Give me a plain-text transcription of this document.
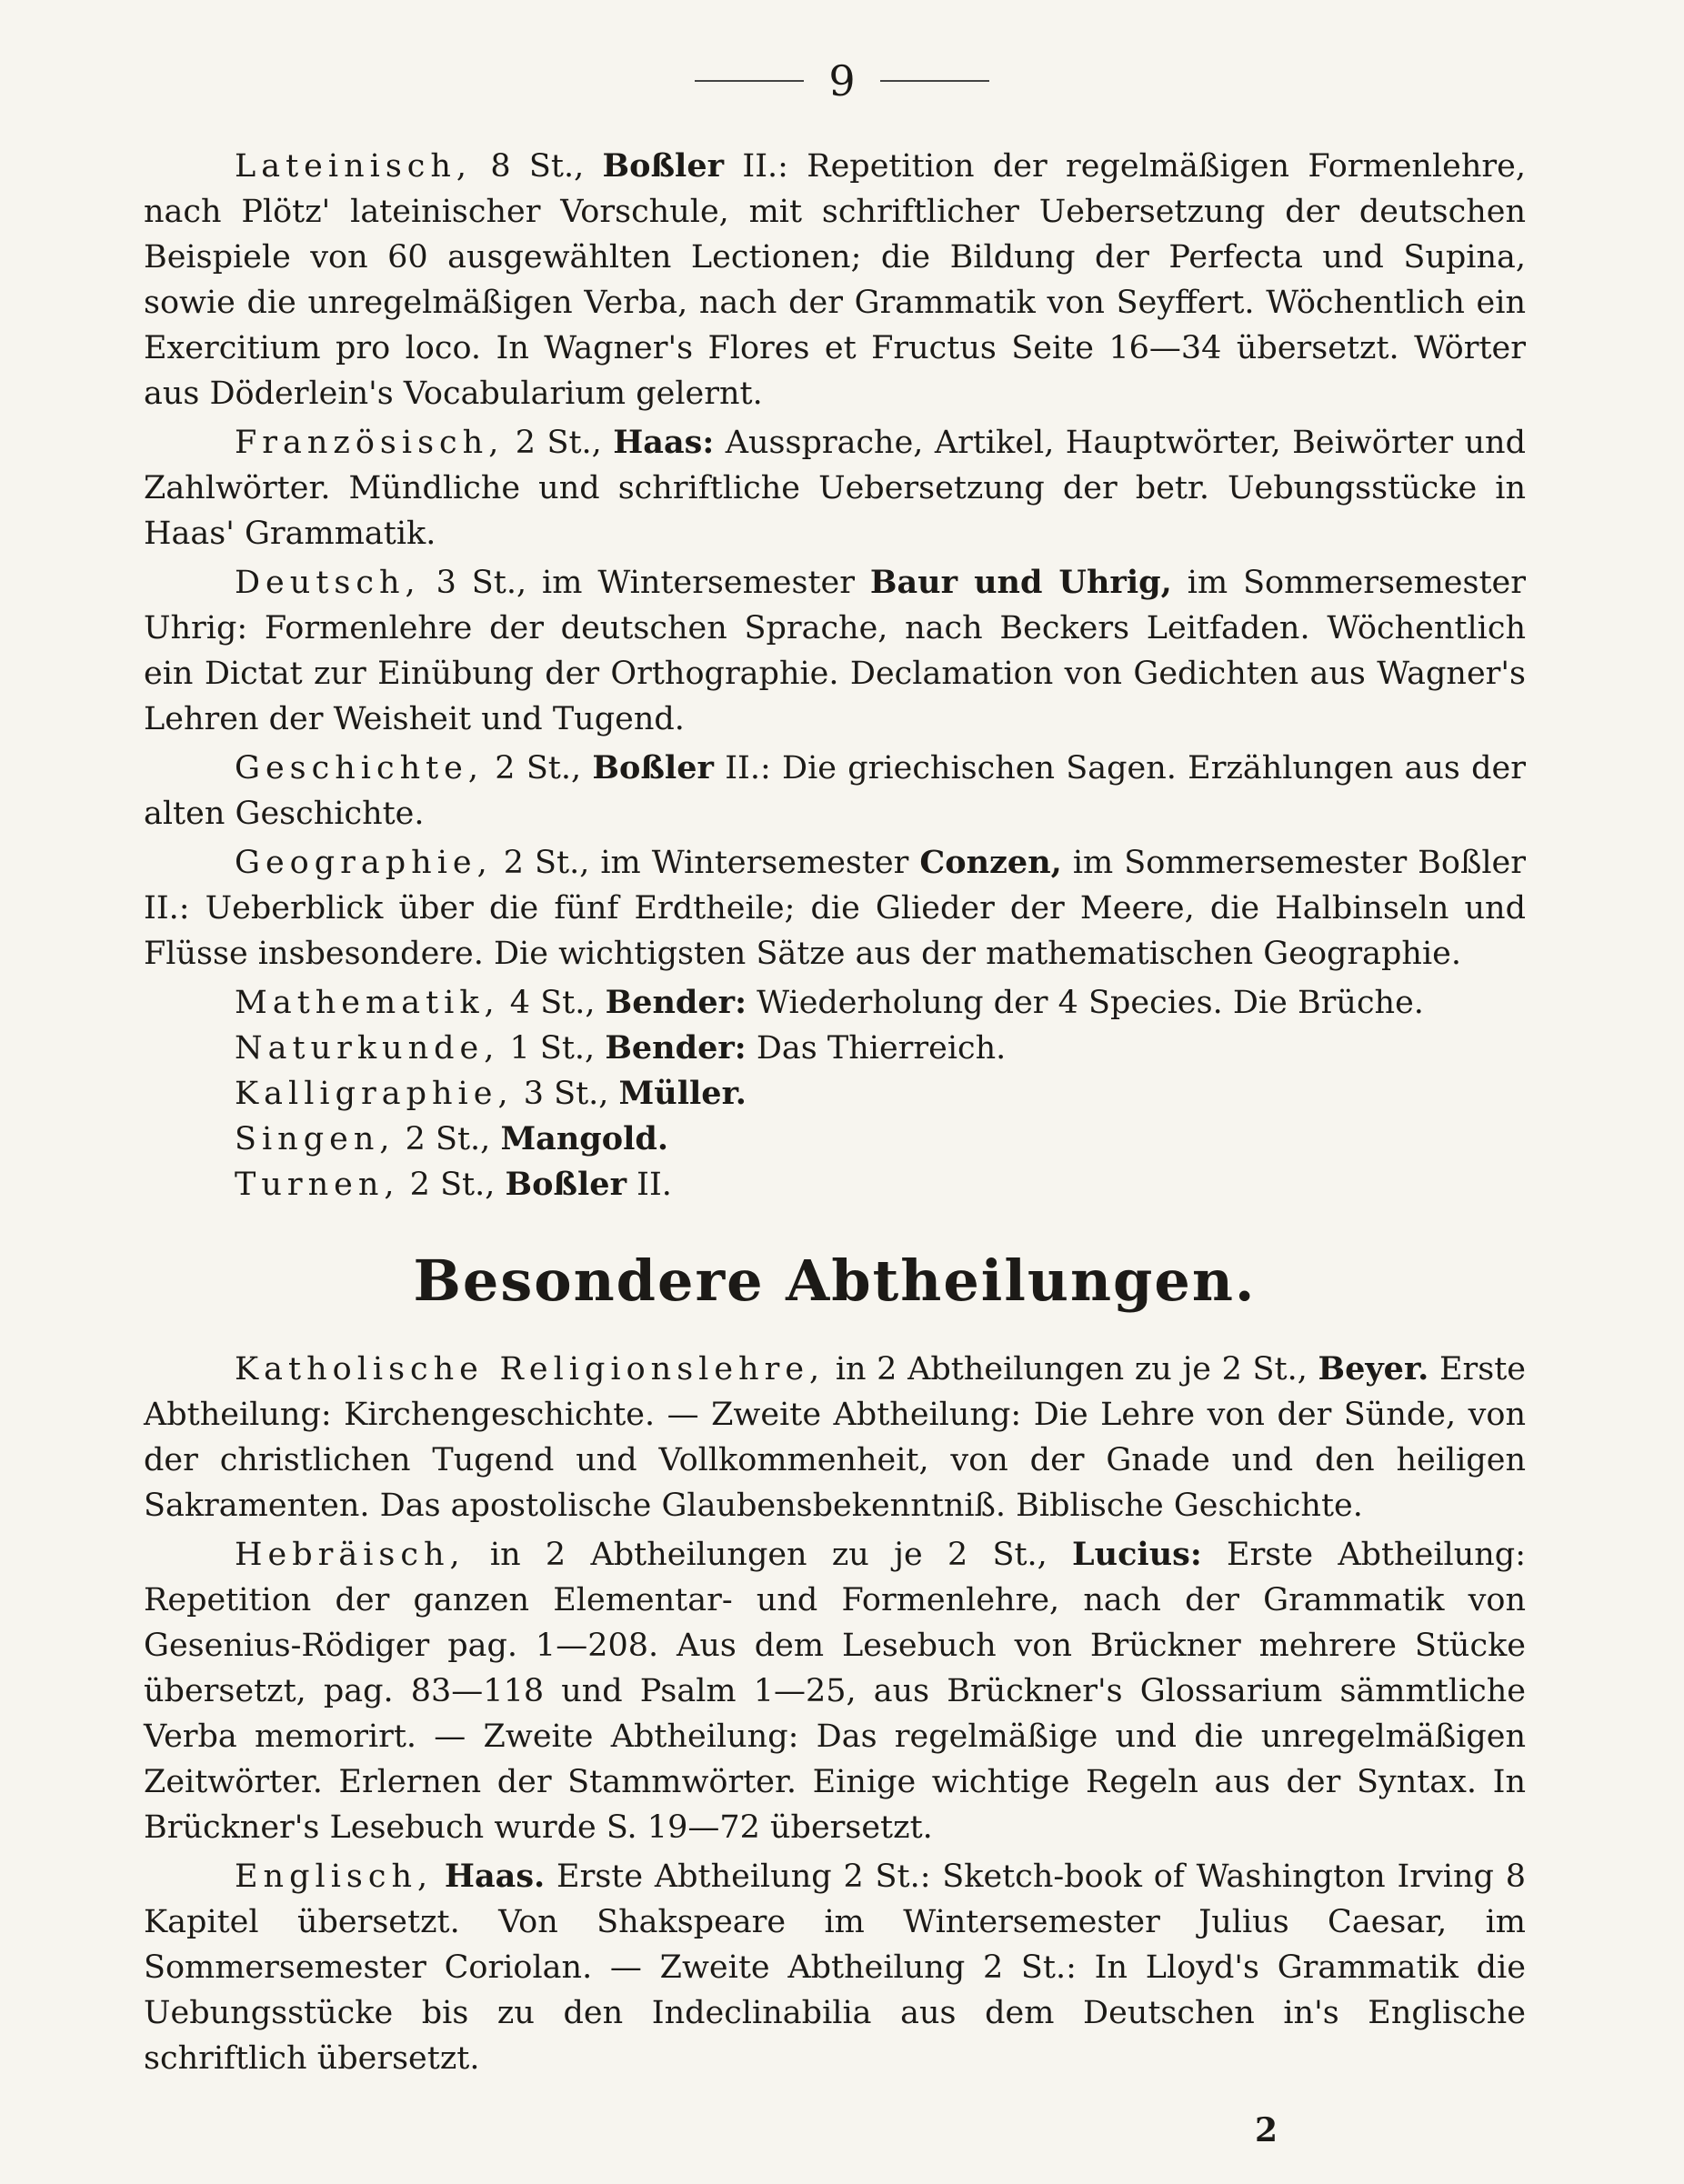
9

Lateinisch, 8 St., Boßler II.: Repetition der regelmäßigen Formenlehre, nach Plötz' lateinischer Vorschule, mit schriftlicher Uebersetzung der deutschen Beispiele von 60 ausgewählten Lectionen; die Bildung der Perfecta und Supina, sowie die unregelmäßigen Verba, nach der Grammatik von Seyffert. Wöchentlich ein Exercitium pro loco. In Wagner's Flores et Fructus Seite 16—34 übersetzt. Wörter aus Döderlein's Vocabularium gelernt.

Französisch, 2 St., Haas: Aussprache, Artikel, Hauptwörter, Beiwörter und Zahlwörter. Mündliche und schriftliche Uebersetzung der betr. Uebungsstücke in Haas' Grammatik.

Deutsch, 3 St., im Wintersemester Baur und Uhrig, im Sommersemester Uhrig: Formenlehre der deutschen Sprache, nach Beckers Leitfaden. Wöchentlich ein Dictat zur Einübung der Orthographie. Declamation von Gedichten aus Wagner's Lehren der Weisheit und Tugend.

Geschichte, 2 St., Boßler II.: Die griechischen Sagen. Erzählungen aus der alten Geschichte.

Geographie, 2 St., im Wintersemester Conzen, im Sommersemester Boßler II.: Ueberblick über die fünf Erdtheile; die Glieder der Meere, die Halbinseln und Flüsse insbesondere. Die wichtigsten Sätze aus der mathematischen Geographie.

Mathematik, 4 St., Bender: Wiederholung der 4 Species. Die Brüche.

Naturkunde, 1 St., Bender: Das Thierreich.

Kalligraphie, 3 St., Müller.

Singen, 2 St., Mangold.

Turnen, 2 St., Boßler II.

Besondere Abtheilungen.

Katholische Religionslehre, in 2 Abtheilungen zu je 2 St., Beyer. Erste Abtheilung: Kirchengeschichte. — Zweite Abtheilung: Die Lehre von der Sünde, von der christlichen Tugend und Vollkommenheit, von der Gnade und den heiligen Sakramenten. Das apostolische Glaubensbekenntniß. Biblische Geschichte.

Hebräisch, in 2 Abtheilungen zu je 2 St., Lucius: Erste Abtheilung: Repetition der ganzen Elementar- und Formenlehre, nach der Grammatik von Gesenius-Rödiger pag. 1—208. Aus dem Lesebuch von Brückner mehrere Stücke übersetzt, pag. 83—118 und Psalm 1—25, aus Brückner's Glossarium sämmtliche Verba memorirt. — Zweite Abtheilung: Das regelmäßige und die unregelmäßigen Zeitwörter. Erlernen der Stammwörter. Einige wichtige Regeln aus der Syntax. In Brückner's Lesebuch wurde S. 19—72 übersetzt.

Englisch, Haas. Erste Abtheilung 2 St.: Sketch-book of Washington Irving 8 Kapitel übersetzt. Von Shakspeare im Wintersemester Julius Caesar, im Sommersemester Coriolan. — Zweite Abtheilung 2 St.: In Lloyd's Grammatik die Uebungsstücke bis zu den Indeclinabilia aus dem Deutschen in's Englische schriftlich übersetzt.

2
